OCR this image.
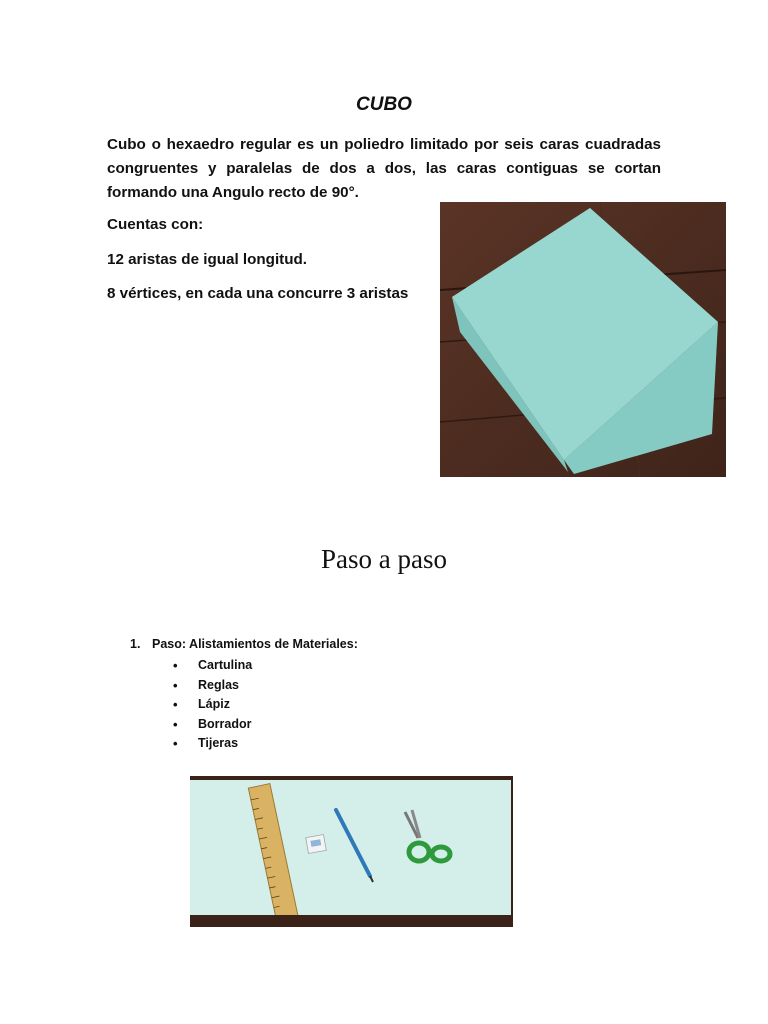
CUBO

Cubo o hexaedro regular es un poliedro limitado por seis caras cuadradas congruentes y paralelas de dos a dos, las caras contiguas se cortan formando una Angulo recto de 90°.

Cuentas con:
12 aristas de igual longitud.
8 vértices, en cada una concurre 3 aristas
Paso a paso
1. Paso: Alistamientos de Materiales:
•	Cartulina
•	Reglas
•	Lápiz
•	Borrador
•	Tijeras
